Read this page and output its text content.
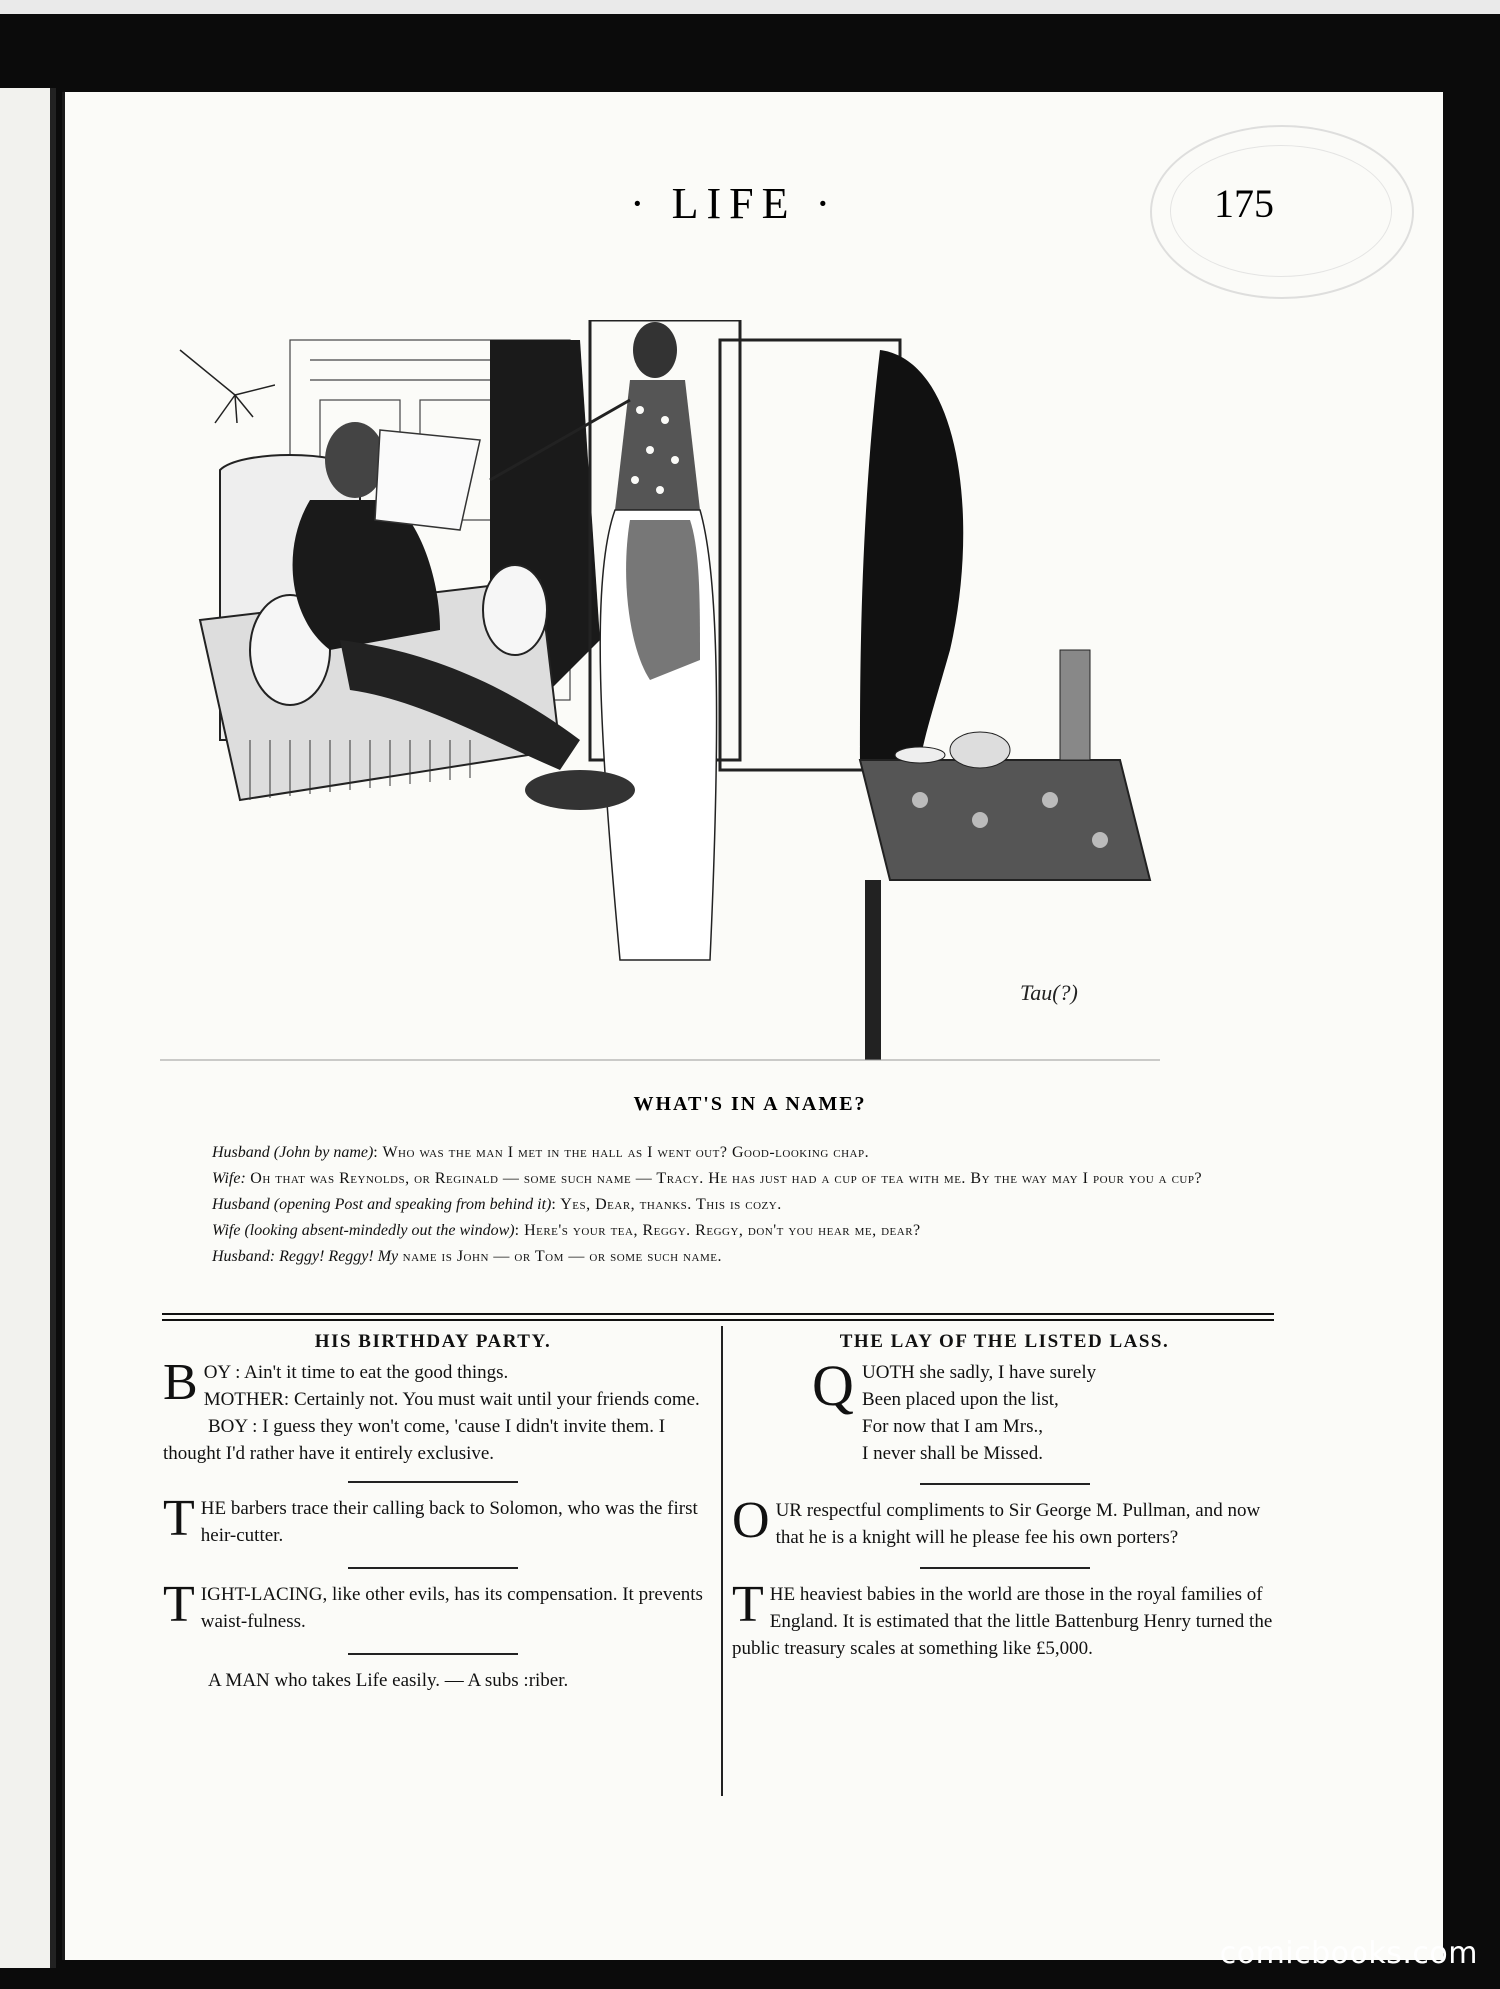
· LIFE ·	175
Tau(?)
WHAT'S IN A NAME?

Husband (John by name): Who was the man I met in the hall as I went out? Good-looking chap.

Wife: Oh that was Reynolds, or Reginald — some such name — Tracy. He has just had a cup of tea with me. By the way may I pour you a cup?

Husband (opening Post and speaking from behind it): Yes, Dear, thanks. This is cozy.

Wife (looking absent-mindedly out the window): Here's your tea, Reggy. Reggy, don't you hear me, dear?

Husband: Reggy! Reggy! My name is John — or Tom — or some such name.

HIS BIRTHDAY PARTY.

BOY : Ain't it time to eat the good things.
MOTHER: Certainly not. You must wait until your friends come.

BOY : I guess they won't come, 'cause I didn't invite them. I thought I'd rather have it entirely exclusive.

THE barbers trace their calling back to Solomon, who was the first heir-cutter.

TIGHT-LACING, like other evils, has its compensation. It prevents waist-fulness.

A MAN who takes Life easily. — A subs :riber.

THE LAY OF THE LISTED LASS.
Q UOTH she sadly, I have surely
Been placed upon the list,
For now that I am Mrs.,
I never shall be Missed.

OUR respectful compliments to Sir George M. Pullman, and now that he is a knight will he please fee his own porters?

THE heaviest babies in the world are those in the royal families of England. It is estimated that the little Battenburg Henry turned the public treasury scales at something like £5,000.

comicbooks.com
